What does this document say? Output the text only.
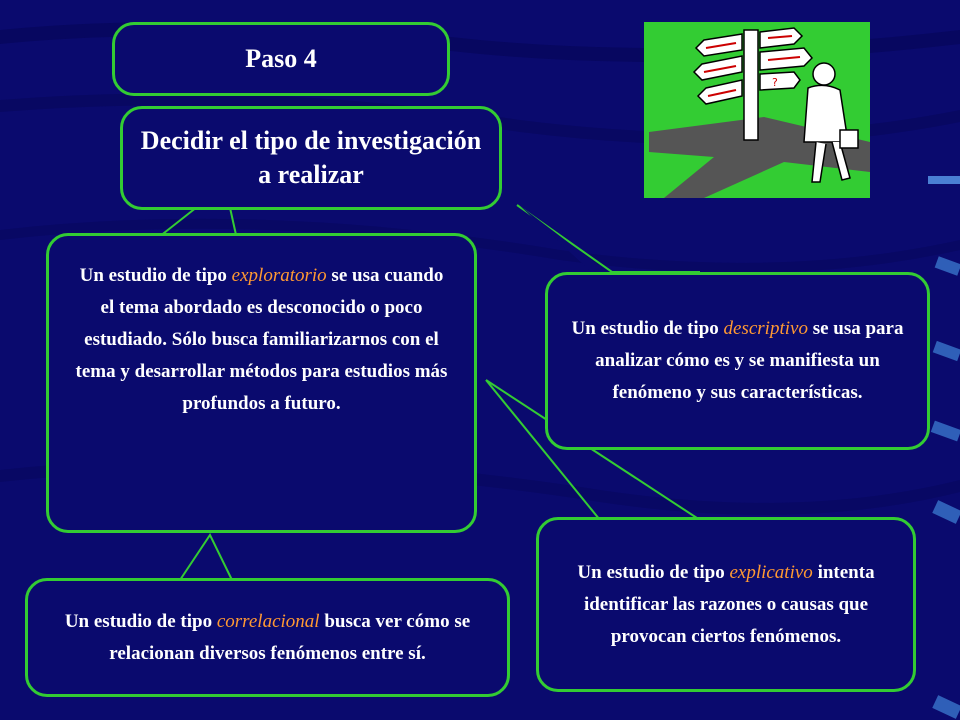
Paso 4
Decidir el tipo de investigación a realizar
Un estudio de tipo exploratorio se usa cuando el tema abordado es desconocido o poco estudiado. Sólo busca familiarizarnos con el tema y desarrollar métodos para estudios más profundos a futuro.
Un estudio de tipo descriptivo se usa para analizar cómo es y se manifiesta un fenómeno y sus características.
Un estudio de tipo explicativo intenta identificar las razones o causas que provocan ciertos fenómenos.
Un estudio de tipo correlacional busca ver cómo se relacionan diversos fenómenos entre sí.
?
